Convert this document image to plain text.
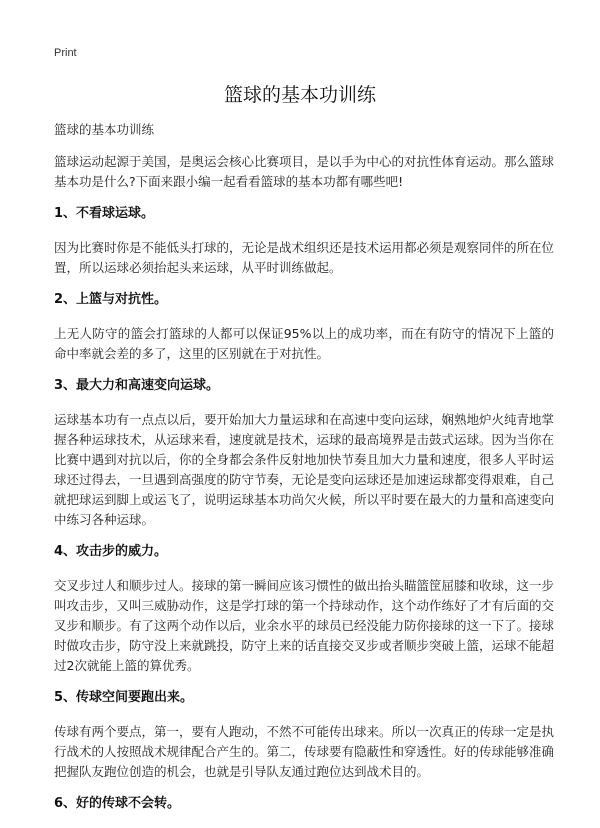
Print
篮球的基本功训练

篮球的基本功训练

篮球运动起源于美国，是奥运会核心比赛项目，是以手为中心的对抗性体育运动。那么篮球基本功是什么?下面来跟小编一起看看篮球的基本功都有哪些吧!

1、不看球运球。

因为比赛时你是不能低头打球的，无论是战术组织还是技术运用都必须是观察同伴的所在位置，所以运球必须抬起头来运球，从平时训练做起。

2、上篮与对抗性。

上无人防守的篮会打篮球的人都可以保证95%以上的成功率，而在有防守的情况下上篮的命中率就会差的多了，这里的区别就在于对抗性。

3、最大力和高速变向运球。

运球基本功有一点点以后，要开始加大力量运球和在高速中变向运球，娴熟地炉火纯青地掌握各种运球技术，从运球来看，速度就是技术，运球的最高境界是击鼓式运球。因为当你在比赛中遇到对抗以后，你的全身都会条件反射地加快节奏且加大力量和速度，很多人平时运球还过得去，一旦遇到高强度的防守节奏，无论是变向运球还是加速运球都变得艰难，自己就把球运到脚上或运飞了，说明运球基本功尚欠火候，所以平时要在最大的力量和高速变向中练习各种运球。

4、攻击步的威力。

交叉步过人和顺步过人。接球的第一瞬间应该习惯性的做出抬头瞄篮筐屈膝和收球，这一步叫攻击步，又叫三威胁动作，这是学打球的第一个持球动作，这个动作练好了才有后面的交叉步和顺步。有了这两个动作以后，业余水平的球员已经没能力防你接球的这一下了。接球时做攻击步，防守没上来就跳投，防守上来的话直接交叉步或者顺步突破上篮，运球不能超过2次就能上篮的算优秀。

5、传球空间要跑出来。

传球有两个要点，第一，要有人跑动，不然不可能传出球来。所以一次真正的传球一定是执行战术的人按照战术规律配合产生的。第二，传球要有隐蔽性和穿透性。好的传球能够准确把握队友跑位创造的机会，也就是引导队友通过跑位达到战术目的。

6、好的传球不会转。
